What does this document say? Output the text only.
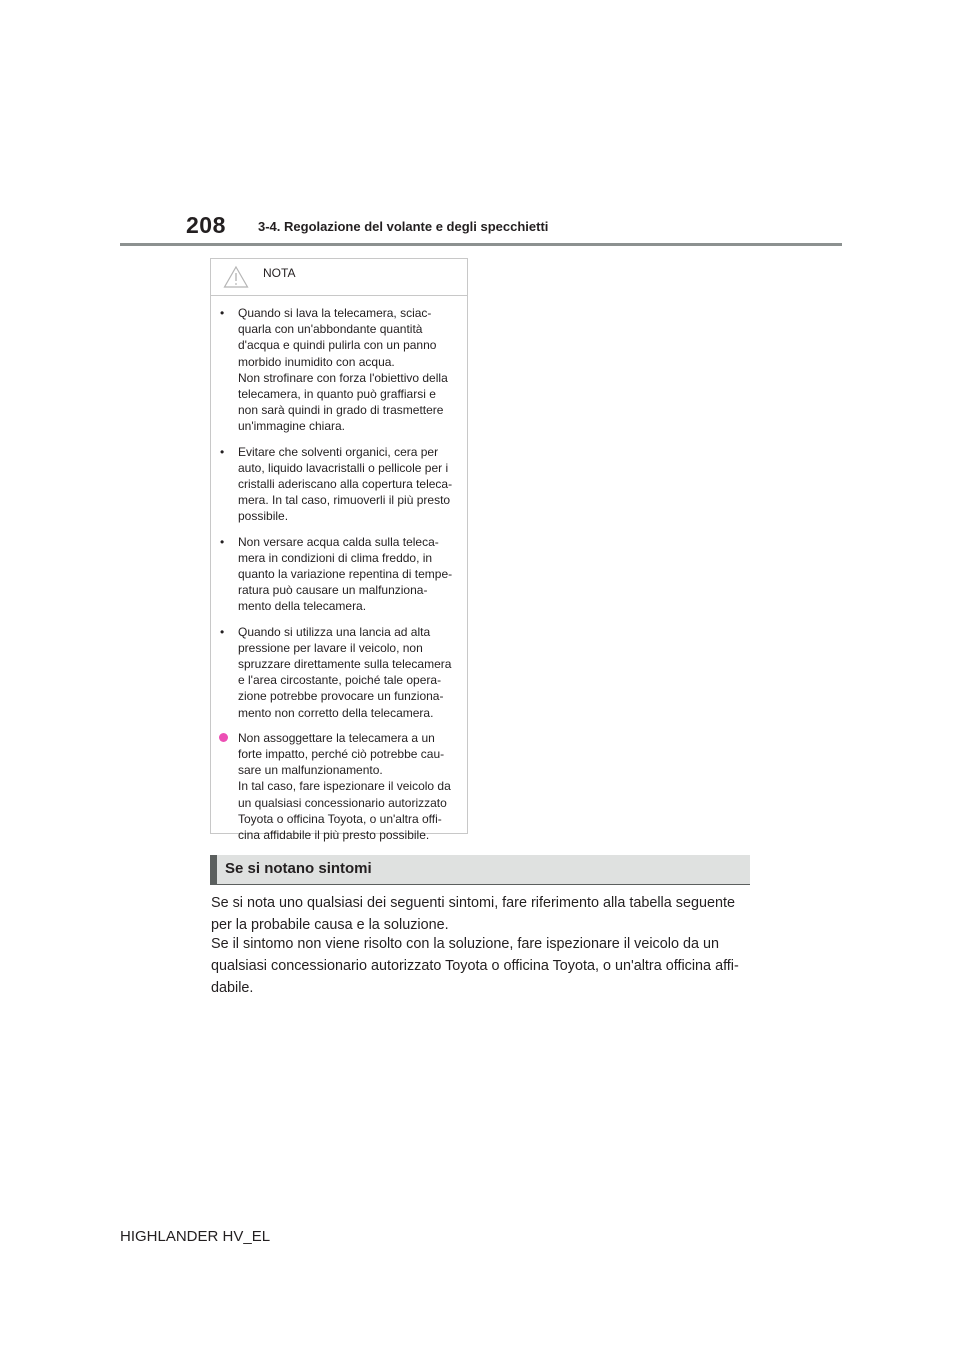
208 3-4. Regolazione del volante e degli specchietti
NOTA
• Quando si lava la telecamera, sciac-
quarla con un'abbondante quantità
d'acqua e quindi pulirla con un panno
morbido inumidito con acqua.
Non strofinare con forza l'obiettivo della
telecamera, in quanto può graffiarsi e
non sarà quindi in grado di trasmettere
un'immagine chiara.
• Evitare che solventi organici, cera per
auto, liquido lavacristalli o pellicole per i
cristalli aderiscano alla copertura teleca-
mera. In tal caso, rimuoverli il più presto
possibile.
• Non versare acqua calda sulla teleca-
mera in condizioni di clima freddo, in
quanto la variazione repentina di tempe-
ratura può causare un malfunziona-
mento della telecamera.
• Quando si utilizza una lancia ad alta
pressione per lavare il veicolo, non
spruzzare direttamente sulla telecamera
e l'area circostante, poiché tale opera-
zione potrebbe provocare un funziona-
mento non corretto della telecamera.
Non assoggettare la telecamera a un
forte impatto, perché ciò potrebbe cau-
sare un malfunzionamento.
In tal caso, fare ispezionare il veicolo da
un qualsiasi concessionario autorizzato
Toyota o officina Toyota, o un'altra offi-
cina affidabile il più presto possibile.
Se si notano sintomi
Se si nota uno qualsiasi dei seguenti sintomi, fare riferimento alla tabella seguente
per la probabile causa e la soluzione.
Se il sintomo non viene risolto con la soluzione, fare ispezionare il veicolo da un
qualsiasi concessionario autorizzato Toyota o officina Toyota, o un'altra officina affi-
dabile.
HIGHLANDER HV_EL
